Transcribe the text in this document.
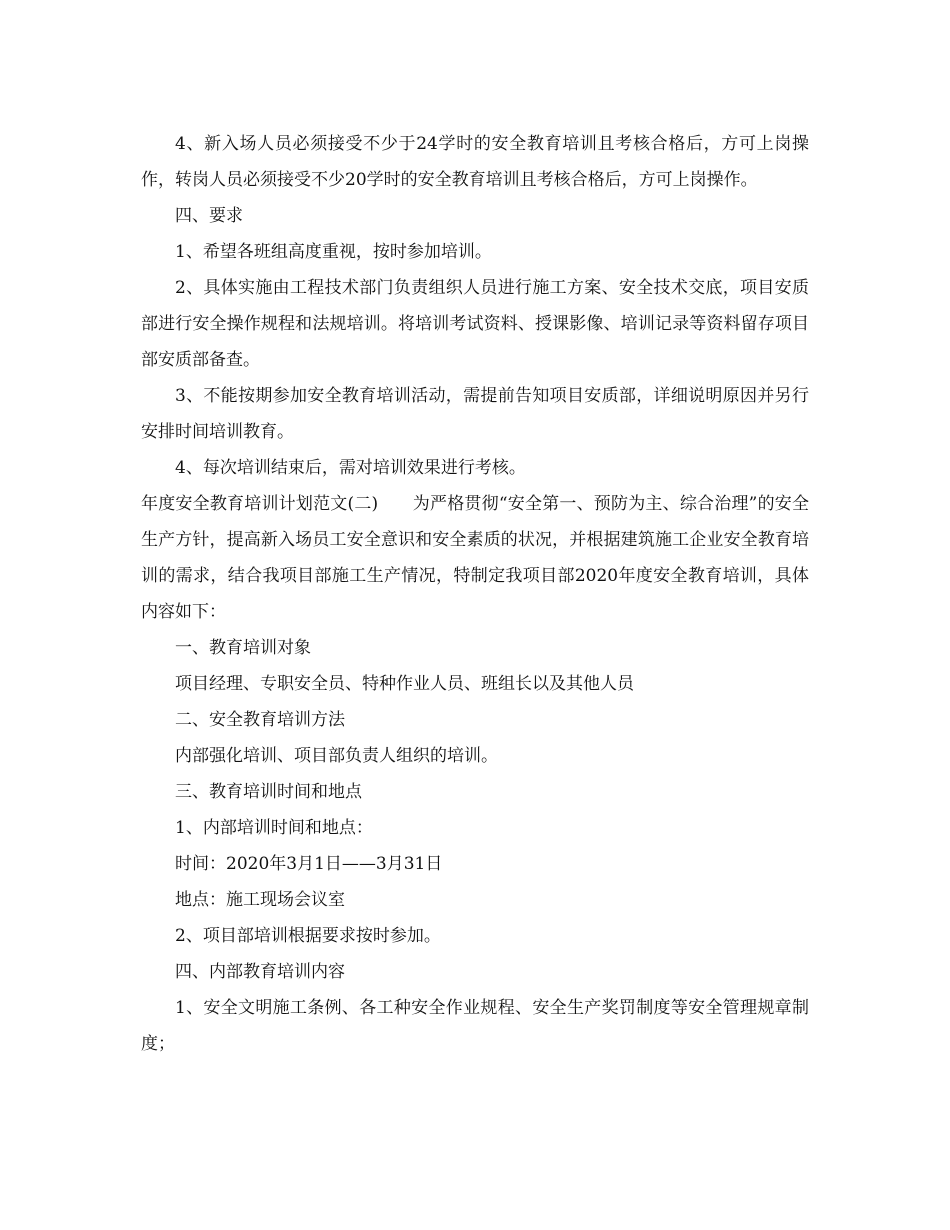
4、新入场人员必须接受不少于24学时的安全教育培训且考核合格后，方可上岗操作，转岗人员必须接受不少20学时的安全教育培训且考核合格后，方可上岗操作。

四、要求

1、希望各班组高度重视，按时参加培训。

2、具体实施由工程技术部门负责组织人员进行施工方案、安全技术交底，项目安质部进行安全操作规程和法规培训。将培训考试资料、授课影像、培训记录等资料留存项目部安质部备查。

3、不能按期参加安全教育培训活动，需提前告知项目安质部，详细说明原因并另行安排时间培训教育。

4、每次培训结束后，需对培训效果进行考核。

年度安全教育培训计划范文(二)　　为严格贯彻“安全第一、预防为主、综合治理”的安全生产方针，提高新入场员工安全意识和安全素质的状况，并根据建筑施工企业安全教育培训的需求，结合我项目部施工生产情况，特制定我项目部2020年度安全教育培训，具体内容如下：

一、教育培训对象

项目经理、专职安全员、特种作业人员、班组长以及其他人员

二、安全教育培训方法

内部强化培训、项目部负责人组织的培训。

三、教育培训时间和地点

1、内部培训时间和地点：

时间：2020年3月1日——3月31日

地点：施工现场会议室

2、项目部培训根据要求按时参加。

四、内部教育培训内容

1、安全文明施工条例、各工种安全作业规程、安全生产奖罚制度等安全管理规章制度；
